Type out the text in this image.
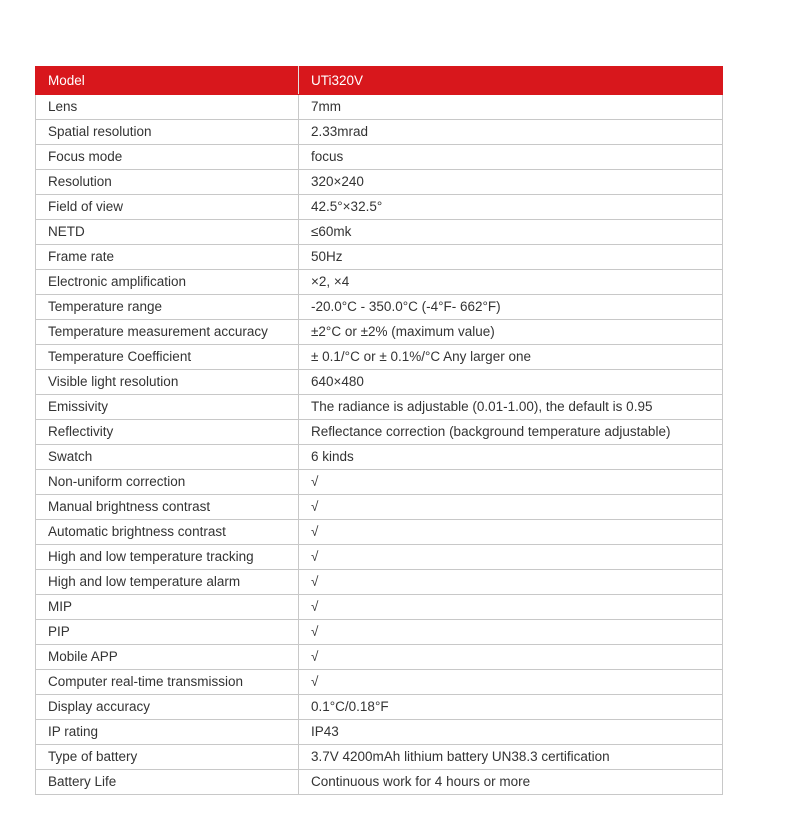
Model	UTi320V
Lens	7mm
Spatial resolution	2.33mrad
Focus mode	focus
Resolution	320×240
Field of view	42.5°×32.5°
NETD	≤60mk
Frame rate	50Hz
Electronic amplification	×2, ×4
Temperature range	-20.0°C - 350.0°C (-4°F- 662°F)
Temperature measurement accuracy	±2°C or ±2% (maximum value)
Temperature Coefficient	± 0.1/°C or ± 0.1%/°C Any larger one
Visible light resolution	640×480
Emissivity	The radiance is adjustable (0.01-1.00), the default is 0.95
Reflectivity	Reflectance correction (background temperature adjustable)
Swatch	6 kinds
Non-uniform correction	√
Manual brightness contrast	√
Automatic brightness contrast	√
High and low temperature tracking	√
High and low temperature alarm	√
MIP	√
PIP	√
Mobile APP	√
Computer real-time transmission	√
Display accuracy	0.1°C/0.18°F
IP rating	IP43
Type of battery	3.7V 4200mAh lithium battery UN38.3 certification
Battery Life	Continuous work for 4 hours or more
